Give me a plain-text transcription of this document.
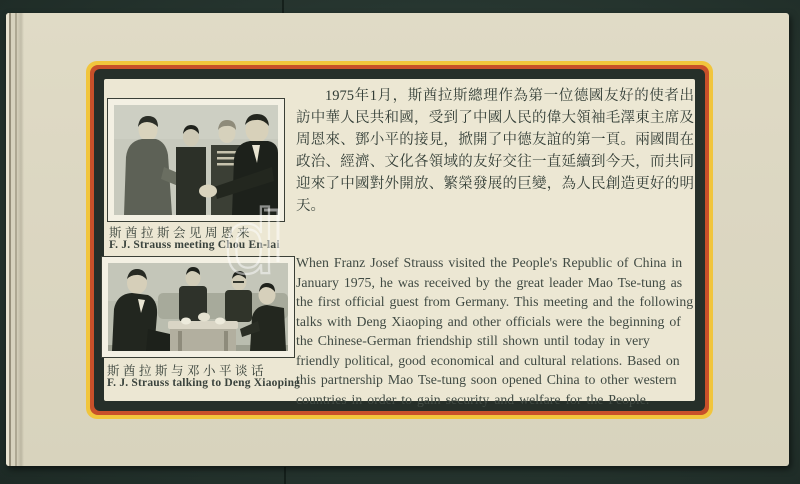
斯酋拉斯会见周恩来
F. J. Strauss meeting Chou En-lai
斯酋拉斯与邓小平谈话
F. J. Strauss talking to Deng Xiaoping

1975年1月，斯酋拉斯總理作為第一位德國友好的使者出訪中華人民共和國，受到了中國人民的偉大領袖毛澤東主席及周恩來、鄧小平的接見，掀開了中德友誼的第一頁。兩國間在政治、經濟、文化各領域的友好交往一直延續到今天，而共同迎來了中國對外開放、繁榮發展的巨變，為人民創造更好的明天。

When Franz Josef Strauss visited the People's Republic of China in January 1975, he was received by the great leader Mao Tse-tung as the first official guest from Germany. This meeting and the following talks with Deng Xiaoping and other officials were the beginning of the Chinese-German friendship still shown until today in very friendly political, good economical and cultural relations. Based on this partnership Mao Tse-tung soon opened China to other western countries in order to gain security and welfare for the People.

d
